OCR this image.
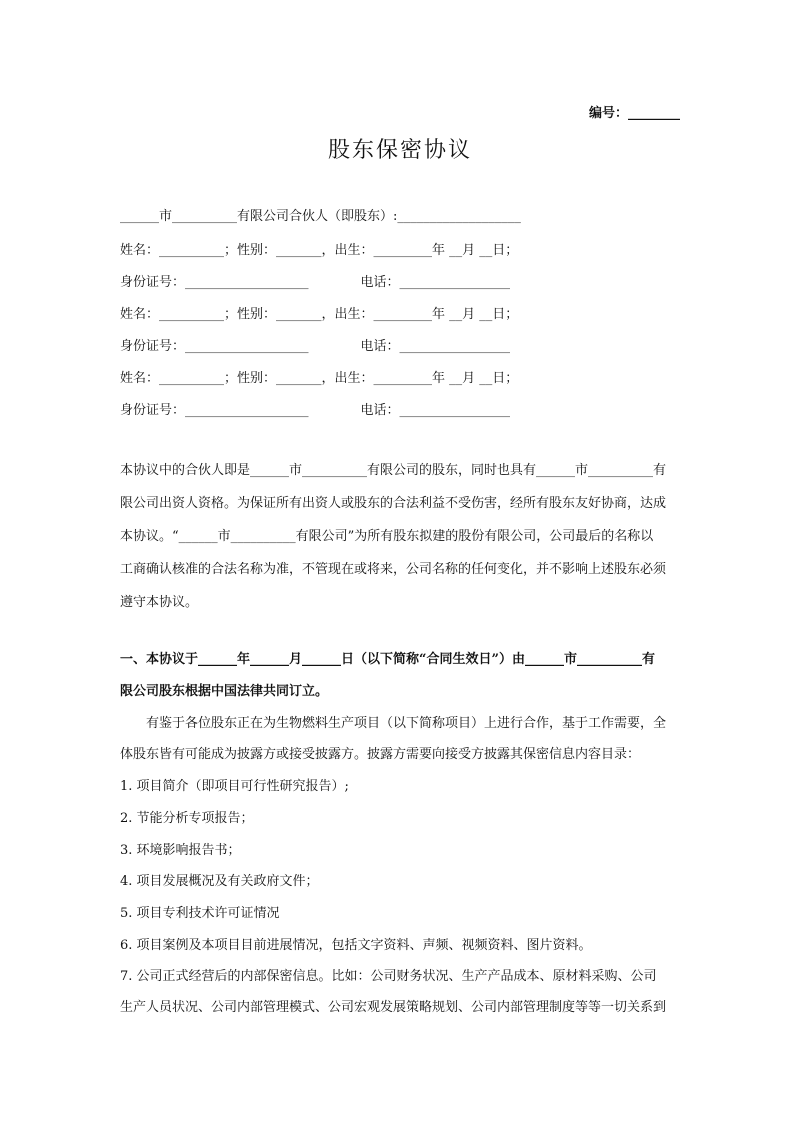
编号：________
股东保密协议
______市__________有限公司合伙人（即股东）:___________________
姓名：__________；性别：_______，出生：_________年 __月 __日；
身份证号：___________________	电话：_________________
姓名：__________；性别：_______，出生：_________年 __月 __日；
身份证号：___________________	电话：_________________
姓名：__________；性别：_______，出生：_________年 __月 __日；
身份证号：___________________	电话：_________________
本协议中的合伙人即是______市__________有限公司的股东，同时也具有______市__________有
限公司出资人资格。为保证所有出资人或股东的合法利益不受伤害，经所有股东友好协商，达成
本协议。“______市__________有限公司”为所有股东拟建的股份有限公司，公司最后的名称以
工商确认核准的合法名称为准，不管现在或将来，公司名称的任何变化，并不影响上述股东必须
遵守本协议。
一、本协议于______年______月______日（以下简称“合同生效日”）由______市__________有
限公司股东根据中国法律共同订立。
　　有鉴于各位股东正在为生物燃料生产项目（以下简称项目）上进行合作，基于工作需要，全
体股东皆有可能成为披露方或接受披露方。披露方需要向接受方披露其保密信息内容目录：
1. 项目简介（即项目可行性研究报告）;
2. 节能分析专项报告；
3. 环境影响报告书；
4. 项目发展概况及有关政府文件；
5. 项目专利技术许可证情况
6. 项目案例及本项目目前进展情况，包括文字资料、声频、视频资料、图片资料。
7. 公司正式经营后的内部保密信息。比如：公司财务状况、生产产品成本、原材料采购、公司
生产人员状况、公司内部管理模式、公司宏观发展策略规划、公司内部管理制度等等一切关系到
